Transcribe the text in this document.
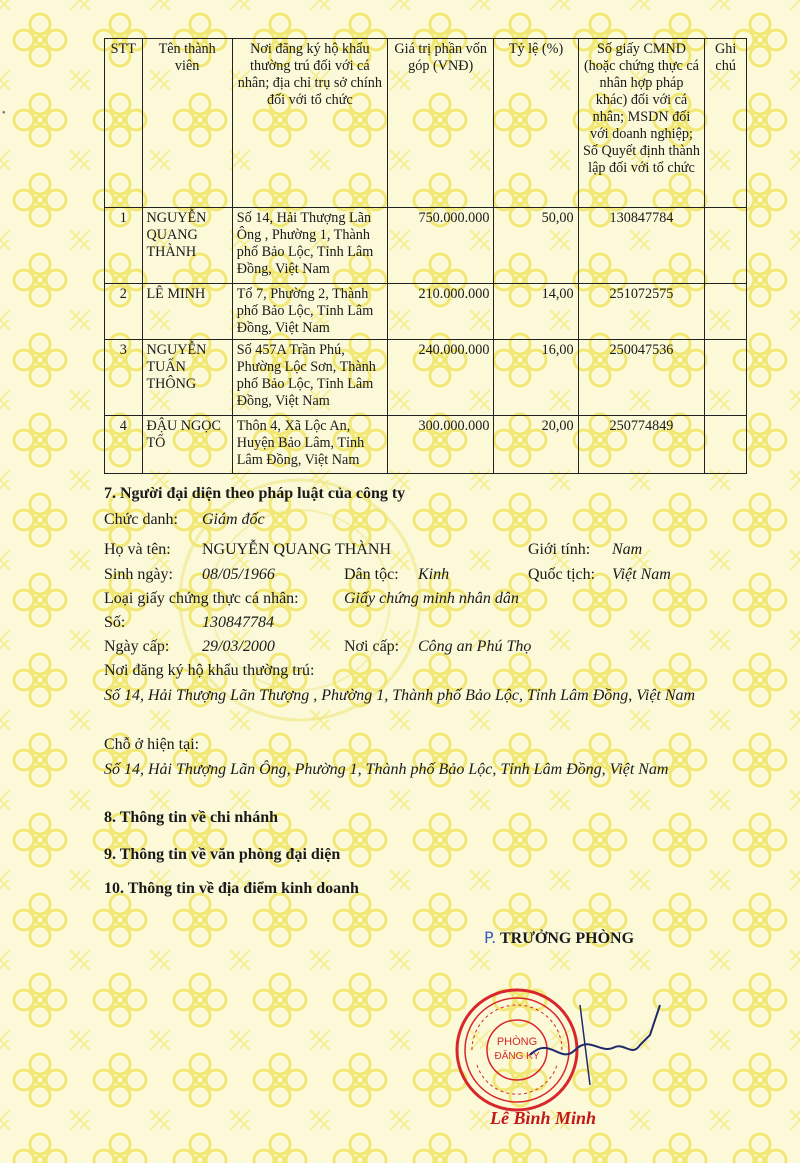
•
STT	Tên thành viên	Nơi đăng ký hộ khẩu thường trú đối với cá nhân; địa chỉ trụ sở chính đối với tổ chức	Giá trị phần vốn góp (VNĐ)	Tỷ lệ (%)	Số giấy CMND (hoặc chứng thực cá nhân hợp pháp khác) đối với cá nhân; MSDN đối với doanh nghiệp; Số Quyết định thành lập đối với tổ chức	Ghi chú
1	NGUYỄN QUANG THÀNH	Số 14, Hải Thượng Lãn Ông , Phường 1, Thành phố Bảo Lộc, Tỉnh Lâm Đồng, Việt Nam	750.000.000	50,00	130847784	
2	LÊ MINH	Tổ 7, Phường 2, Thành phố Bảo Lộc, Tỉnh Lâm Đồng, Việt Nam	210.000.000	14,00	251072575	
3	NGUYỄN TUẤN THÔNG	Số 457A Trần Phú, Phường Lộc Sơn, Thành phố Bảo Lộc, Tỉnh Lâm Đồng, Việt Nam	240.000.000	16,00	250047536	
4	ĐẬU NGỌC TỐ	Thôn 4, Xã Lộc An, Huyện Bảo Lâm, Tỉnh Lâm Đồng, Việt Nam	300.000.000	20,00	250774849	
7. Người đại diện theo pháp luật của công ty
Chức danh: Giám đốc
Họ và tên: NGUYỄN QUANG THÀNH	Giới tính: Nam
Sinh ngày: 08/05/1966	Dân tộc: Kinh	Quốc tịch: Việt Nam
Loại giấy chứng thực cá nhân:	Giấy chứng minh nhân dân
Số:	130847784
Ngày cấp: 29/03/2000	Nơi cấp: Công an Phú Thọ
Nơi đăng ký hộ khẩu thường trú:
Số 14, Hải Thượng Lãn Thượng , Phường 1, Thành phố Bảo Lộc, Tỉnh Lâm Đồng, Việt Nam
Chỗ ở hiện tại:
Số 14, Hải Thượng Lãn Ông, Phường 1, Thành phố Bảo Lộc, Tỉnh Lâm Đồng, Việt Nam
8. Thông tin về chi nhánh
9. Thông tin về văn phòng đại diện
10. Thông tin về địa điểm kinh doanh
P. TRƯỞNG PHÒNG
PHÒNG
ĐĂNG KÝ
Lê Bình Minh
